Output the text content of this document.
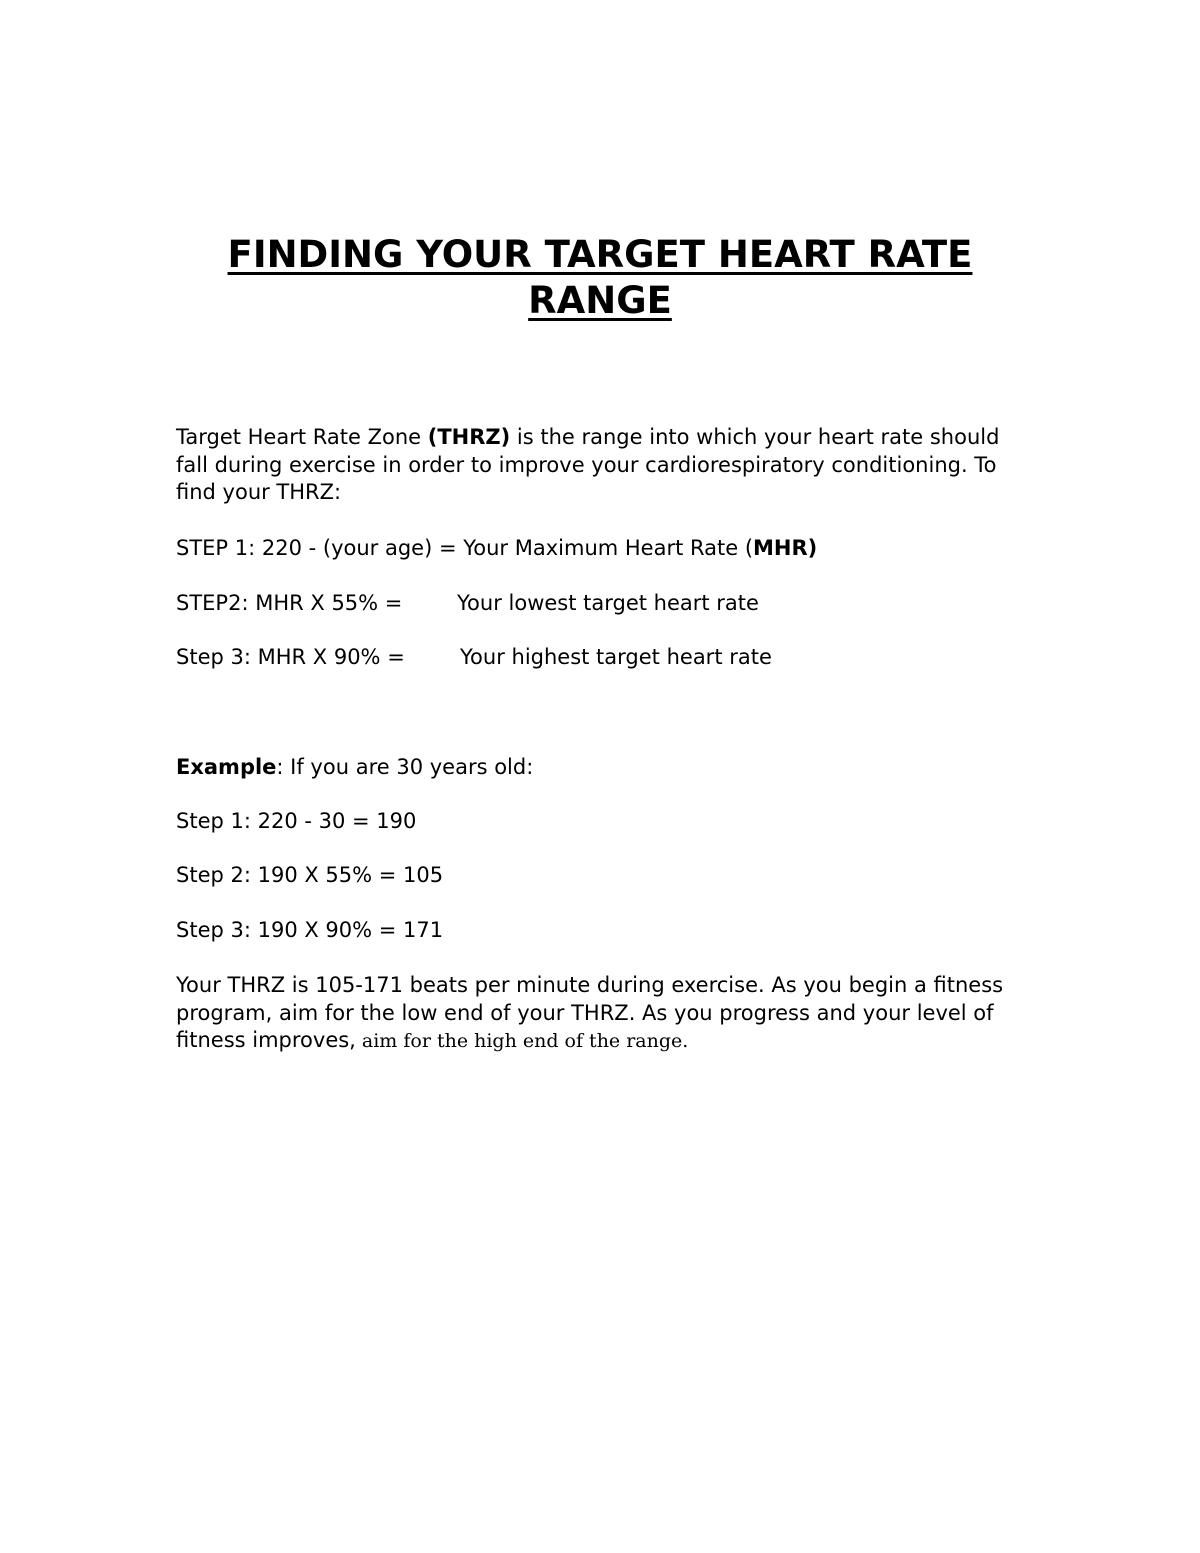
FINDING YOUR TARGET HEART RATE
RANGE
Target Heart Rate Zone (THRZ) is the range into which your heart rate should
fall during exercise in order to improve your cardiorespiratory conditioning. To
find your THRZ:
STEP 1: 220 - (your age) = Your Maximum Heart Rate (MHR)
STEP2: MHR X 55% =	Your lowest target heart rate
Step 3: MHR X 90% =	Your highest target heart rate
Example: If you are 30 years old:
Step 1: 220 - 30 = 190
Step 2: 190 X 55% = 105
Step 3: 190 X 90% = 171
Your THRZ is 105-171 beats per minute during exercise. As you begin a fitness
program, aim for the low end of your THRZ. As you progress and your level of
fitness improves, aim for the high end of the range.
